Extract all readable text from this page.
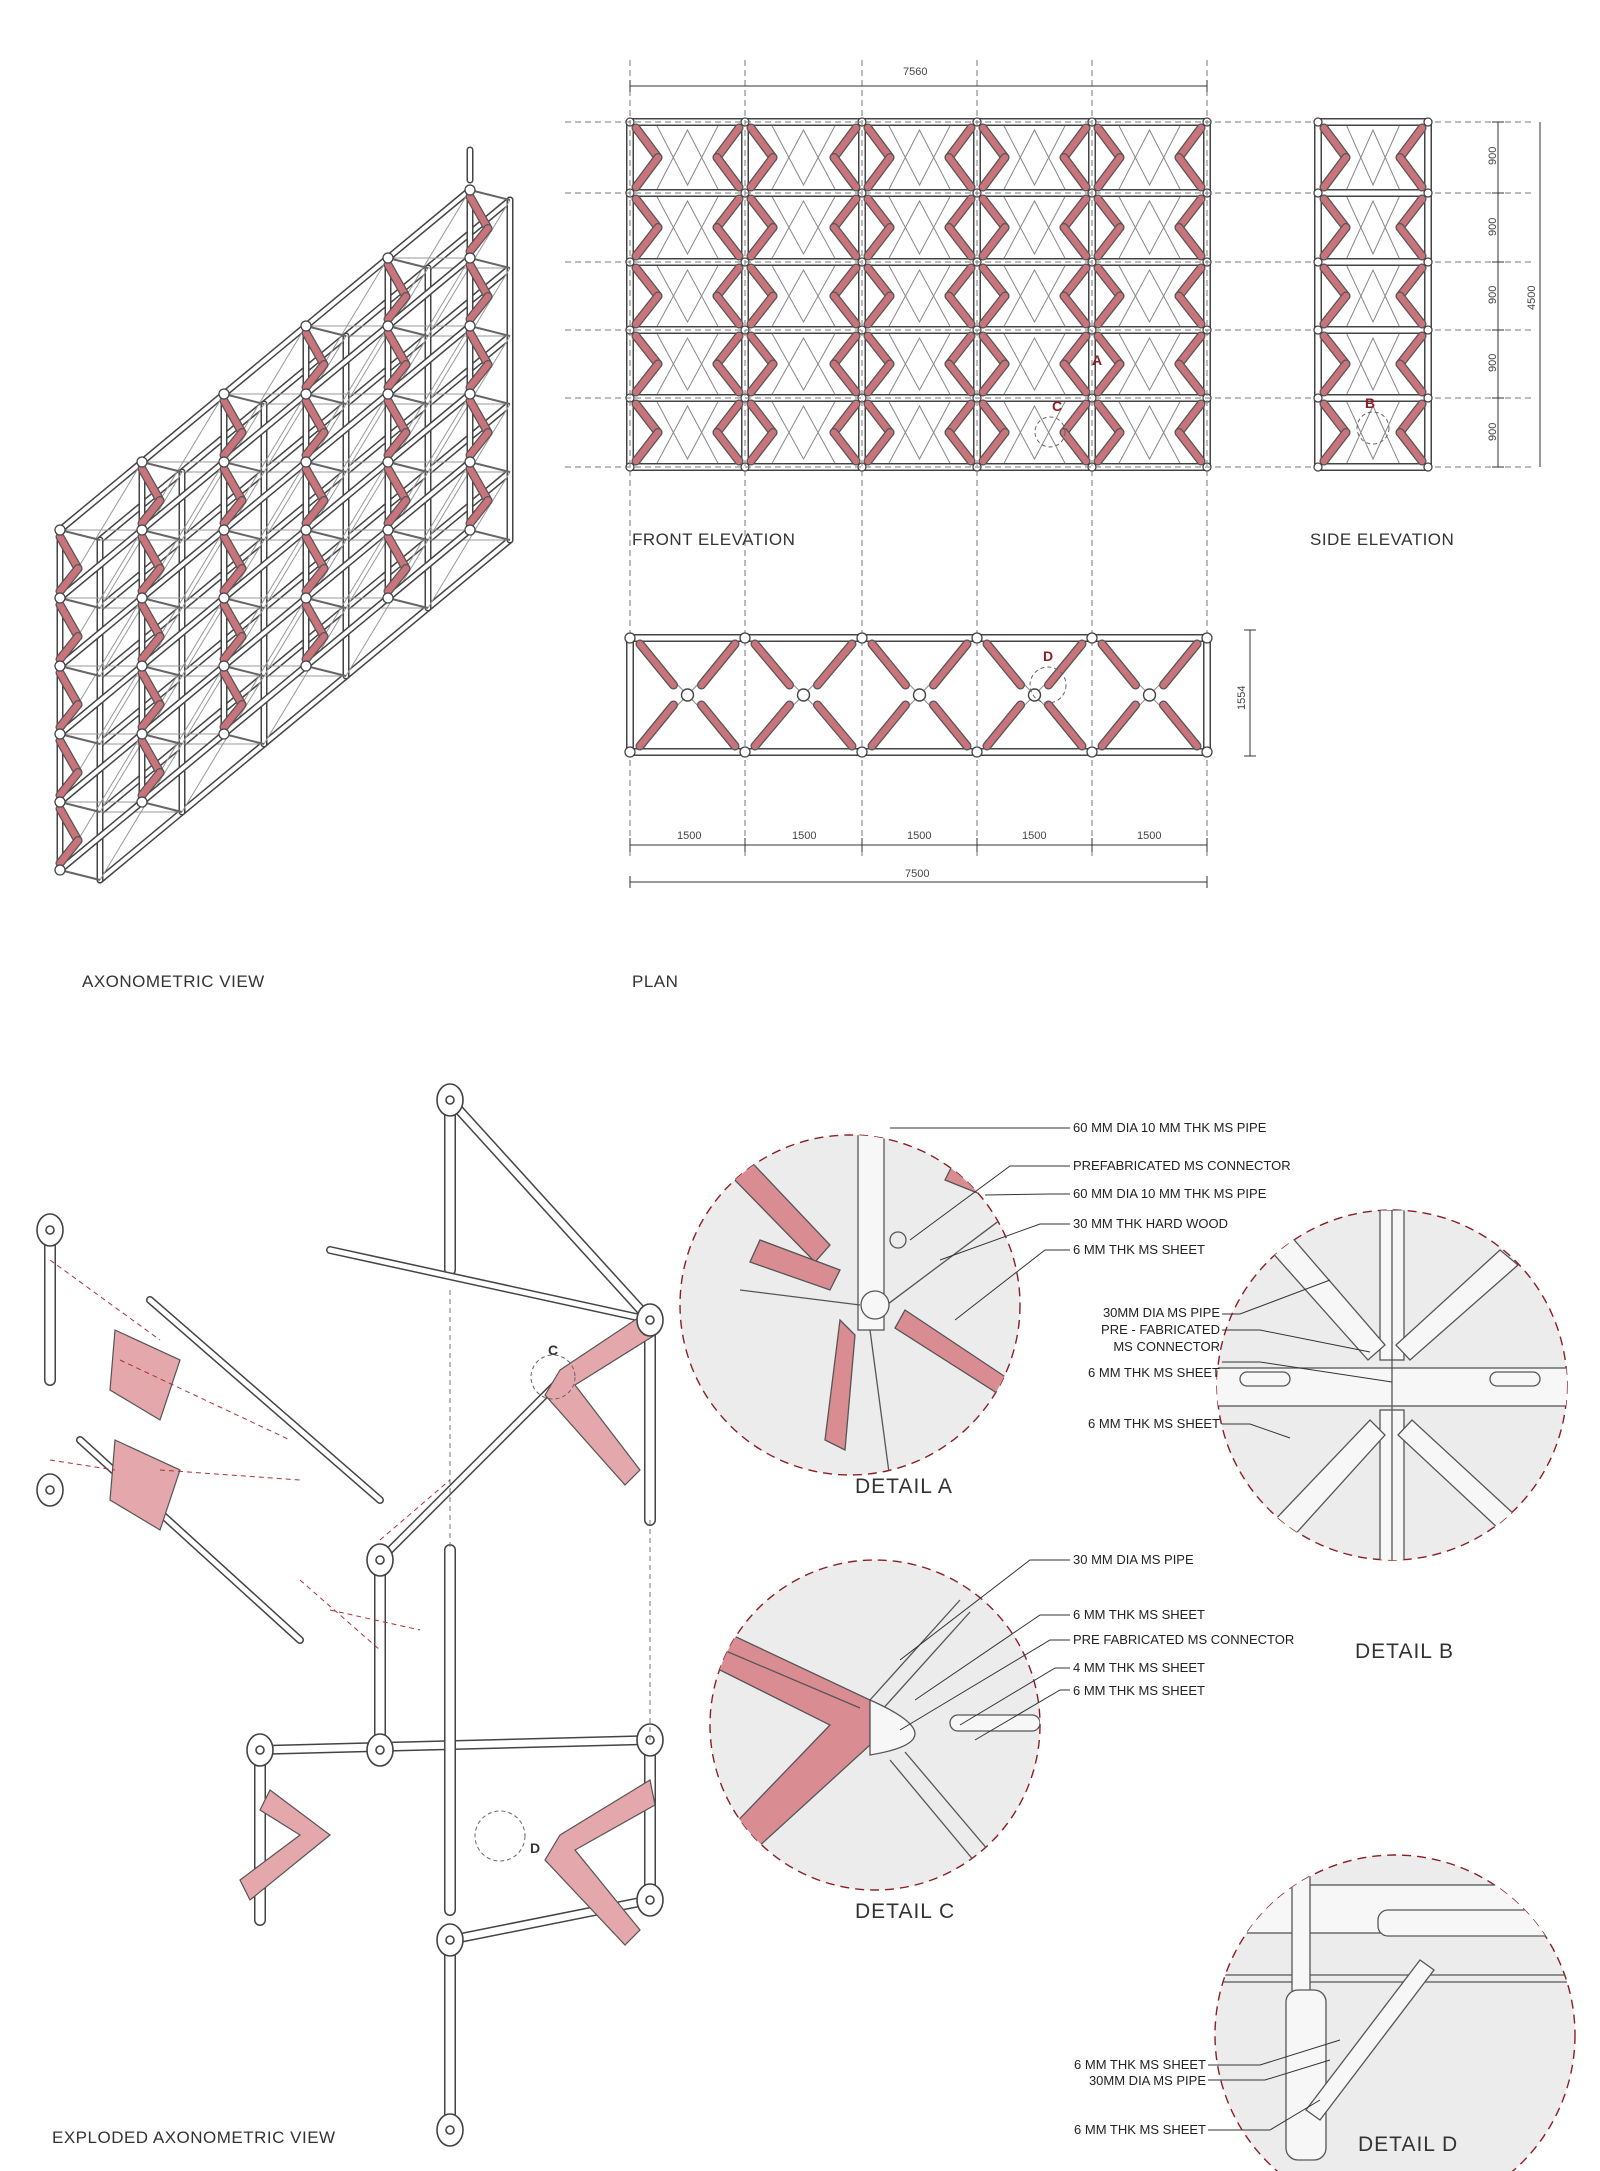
AXONOMETRIC VIEW
FRONT ELEVATION	SIDE ELEVATION
PLAN
EXPLODED AXONOMETRIC VIEW
DETAIL A
DETAIL B
DETAIL C
DETAIL D
7560
900
900
900
900
900
4500
1554
1500	1500	1500	1500	1500
7500
A
B
C
D
C
D
60 MM DIA 10 MM THK MS PIPE
PREFABRICATED MS CONNECTOR
60 MM DIA 10 MM THK MS PIPE
30 MM THK HARD WOOD
6 MM THK MS SHEET
30MM DIA MS PIPE
PRE - FABRICATED
MS CONNECTOR
6 MM THK MS SHEET
6 MM THK MS SHEET
30 MM DIA MS PIPE
6 MM THK MS SHEET
PRE FABRICATED MS CONNECTOR
4 MM THK MS SHEET
6 MM THK MS SHEET
6 MM THK MS SHEET
30MM DIA MS PIPE
6 MM THK MS SHEET
